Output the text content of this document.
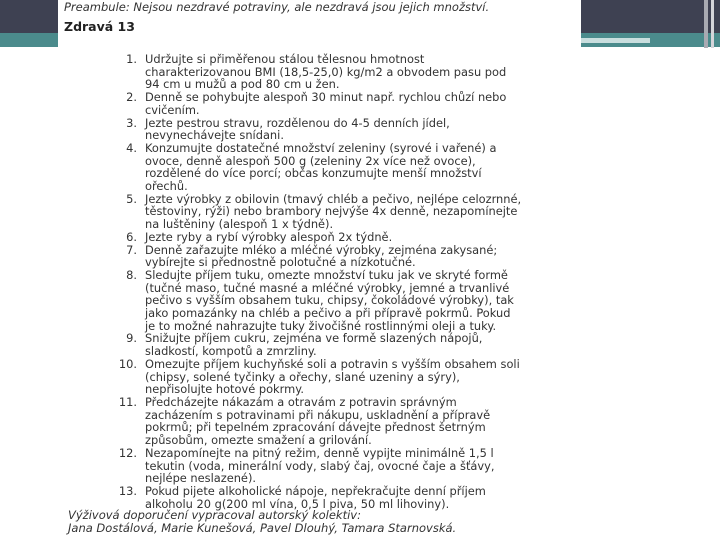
Preambule: Nejsou nezdravé potraviny, ale nezdravá jsou jejich množství.
Zdravá 13
1. Udržujte si přiměřenou stálou tělesnou hmotnost
charakterizovanou BMI (18,5-25,0) kg/m2 a obvodem pasu pod
94 cm u mužů a pod 80 cm u žen.
2. Denně se pohybujte alespoň 30 minut např. rychlou chůzí nebo
cvičením.
3. Jezte pestrou stravu, rozdělenou do 4-5 denních jídel,
nevynechávejte snídani.
4. Konzumujte dostatečné množství zeleniny (syrové i vařené) a
ovoce, denně alespoň 500 g (zeleniny 2x více než ovoce),
rozdělené do více porcí; občas konzumujte menší množství
ořechů.
5. Jezte výrobky z obilovin (tmavý chléb a pečivo, nejlépe celozrnné,
těstoviny, rýži) nebo brambory nejvýše 4x denně, nezapomínejte
na luštěniny (alespoň 1 x týdně).
6. Jezte ryby a rybí výrobky alespoň 2x týdně.
7. Denně zařazujte mléko a mléčné výrobky, zejména zakysané;
vybírejte si přednostně polotučné a nízkotučné.
8. Sledujte příjem tuku, omezte množství tuku jak ve skryté formě
(tučné maso, tučné masné a mléčné výrobky, jemné a trvanlivé
pečivo s vyšším obsahem tuku, chipsy, čokoládové výrobky), tak
jako pomazánky na chléb a pečivo a při přípravě pokrmů. Pokud
je to možné nahrazujte tuky živočišné rostlinnými oleji a tuky.
9. Snižujte příjem cukru, zejména ve formě slazených nápojů,
sladkostí, kompotů a zmrzliny.
10. Omezujte příjem kuchyňské soli a potravin s vyšším obsahem soli
(chipsy, solené tyčinky a ořechy, slané uzeniny a sýry),
nepřisolujte hotové pokrmy.
11. Předcházejte nákazám a otravám z potravin správným
zacházením s potravinami při nákupu, uskladnění a přípravě
pokrmů; při tepelném zpracování dávejte přednost šetrným
způsobům, omezte smažení a grilování.
12. Nezapomínejte na pitný režim, denně vypijte minimálně 1,5 l
tekutin (voda, minerální vody, slabý čaj, ovocné čaje a šťávy,
nejlépe neslazené).
13. Pokud pijete alkoholické nápoje, nepřekračujte denní příjem
alkoholu 20 g(200 ml vína, 0,5 l piva, 50 ml lihoviny).
Výživová doporučení vypracoval autorský kolektiv:
Jana Dostálová, Marie Kunešová, Pavel Dlouhý, Tamara Starnovská.
